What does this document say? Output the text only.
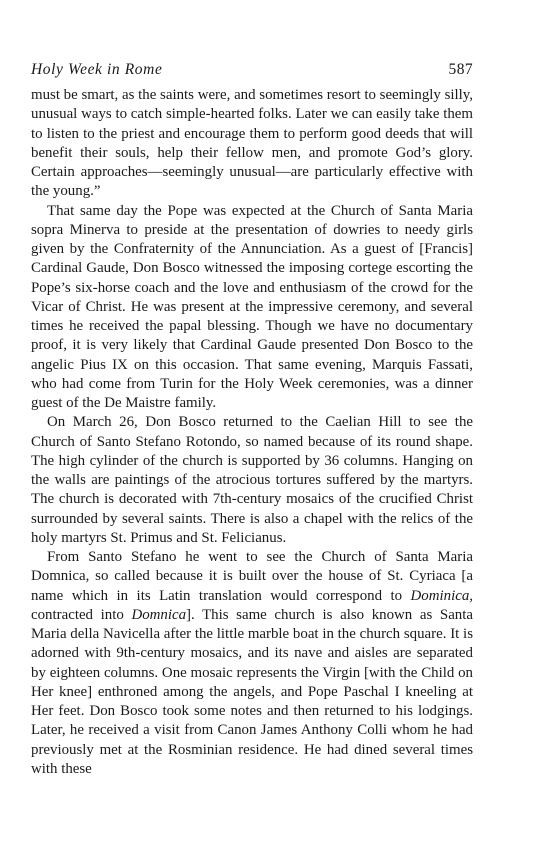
Holy Week in Rome	587

must be smart, as the saints were, and sometimes resort to seemingly silly, unusual ways to catch simple-hearted folks. Later we can easily take them to listen to the priest and encourage them to perform good deeds that will benefit their souls, help their fellow men, and promote God’s glory. Certain approaches—seemingly unusual—are particularly effective with the young.”

That same day the Pope was expected at the Church of Santa Maria sopra Minerva to preside at the presentation of dowries to needy girls given by the Confraternity of the Annunciation. As a guest of [Francis] Cardinal Gaude, Don Bosco witnessed the imposing cortege escorting the Pope’s six-horse coach and the love and enthusiasm of the crowd for the Vicar of Christ. He was present at the impressive ceremony, and several times he received the papal blessing. Though we have no documentary proof, it is very likely that Cardinal Gaude presented Don Bosco to the angelic Pius IX on this occasion. That same evening, Marquis Fassati, who had come from Turin for the Holy Week ceremonies, was a dinner guest of the De Maistre family.

On March 26, Don Bosco returned to the Caelian Hill to see the Church of Santo Stefano Rotondo, so named because of its round shape. The high cylinder of the church is supported by 36 columns. Hanging on the walls are paintings of the atrocious tortures suffered by the martyrs. The church is decorated with 7th-century mosaics of the crucified Christ surrounded by several saints. There is also a chapel with the relics of the holy martyrs St. Primus and St. Felicianus.

From Santo Stefano he went to see the Church of Santa Maria Domnica, so called because it is built over the house of St. Cyriaca [a name which in its Latin translation would correspond to Dominica, contracted into Domnica]. This same church is also known as Santa Maria della Navicella after the little marble boat in the church square. It is adorned with 9th-century mosaics, and its nave and aisles are separated by eighteen columns. One mosaic represents the Virgin [with the Child on Her knee] enthroned among the angels, and Pope Paschal I kneeling at Her feet. Don Bosco took some notes and then returned to his lodgings. Later, he received a visit from Canon James Anthony Colli whom he had previously met at the Rosminian residence. He had dined several times with these
